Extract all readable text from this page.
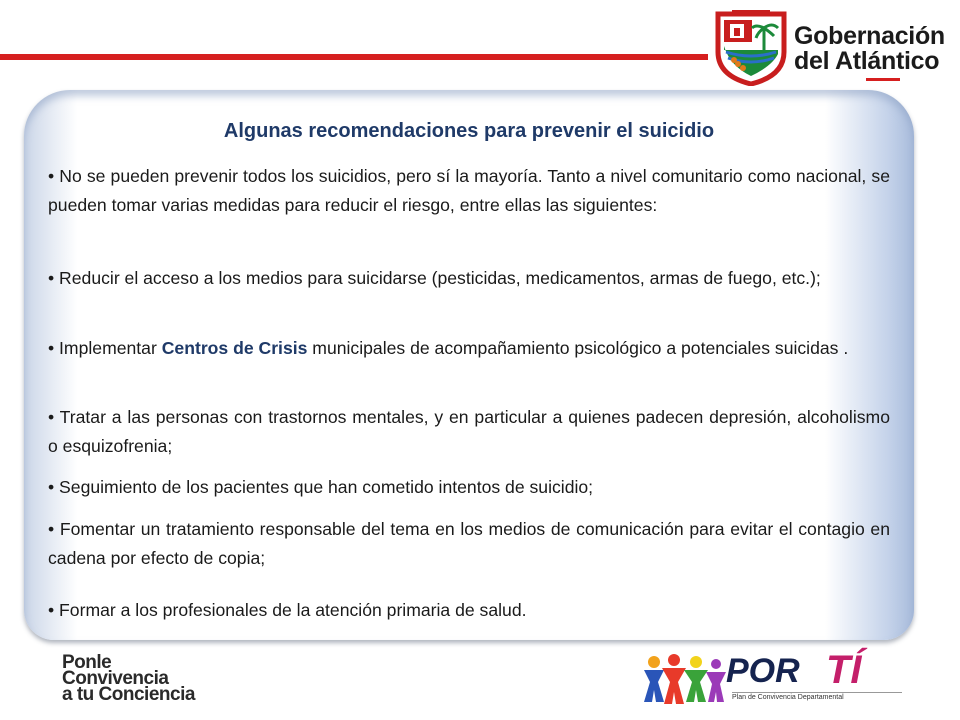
Gobernación
del Atlántico
Algunas recomendaciones para prevenir el suicidio
• No se pueden prevenir todos los suicidios, pero sí la mayoría. Tanto a nivel comunitario como nacional, se pueden tomar varias medidas para reducir el riesgo, entre ellas las siguientes:
• Reducir el acceso a los medios para suicidarse (pesticidas, medicamentos, armas de fuego, etc.);
• Implementar Centros de Crisis municipales de acompañamiento psicológico a potenciales suicidas .
• Tratar a las personas con trastornos mentales, y en particular a quienes padecen depresión, alcoholismo o esquizofrenia;
• Seguimiento de los pacientes que han cometido intentos de suicidio;
• Fomentar un tratamiento responsable del tema en los medios de comunicación para evitar el contagio en cadena por efecto de copia;
• Formar a los profesionales de la atención primaria de salud.
Ponle
Convivencia
a tu Conciencia
POR TÍ
Plan de Convivencia Departamental
